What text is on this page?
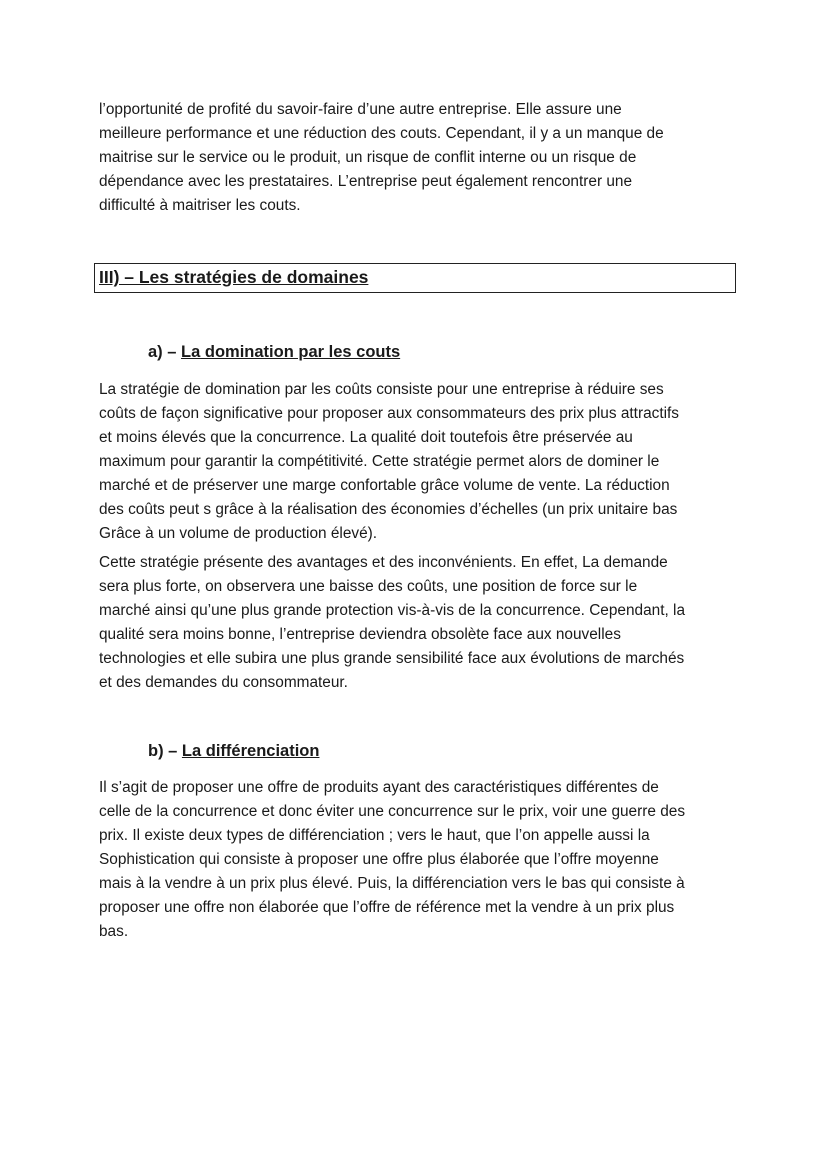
l’opportunité de profité du savoir-faire d’une autre entreprise. Elle assure une
meilleure performance et une réduction des couts. Cependant, il y a un manque de
maitrise sur le service ou le produit, un risque de conflit interne ou un risque de
dépendance avec les prestataires. L’entreprise peut également rencontrer une
difficulté à maitriser les couts.

III) – Les stratégies de domaines
a) – La domination par les couts

La stratégie de domination par les coûts consiste pour une entreprise à réduire ses
coûts de façon significative pour proposer aux consommateurs des prix plus attractifs
et moins élevés que la concurrence. La qualité doit toutefois être préservée au
maximum pour garantir la compétitivité. Cette stratégie permet alors de dominer le
marché et de préserver une marge confortable grâce volume de vente. La réduction
des coûts peut s grâce à la réalisation des économies d’échelles (un prix unitaire bas
Grâce à un volume de production élevé).

Cette stratégie présente des avantages et des inconvénients. En effet, La demande
sera plus forte, on observera une baisse des coûts, une position de force sur le
marché ainsi qu’une plus grande protection vis-à-vis de la concurrence. Cependant, la
qualité sera moins bonne, l’entreprise deviendra obsolète face aux nouvelles
technologies et elle subira une plus grande sensibilité face aux évolutions de marchés
et des demandes du consommateur.

b) – La différenciation

Il s’agit de proposer une offre de produits ayant des caractéristiques différentes de
celle de la concurrence et donc éviter une concurrence sur le prix, voir une guerre des
prix. Il existe deux types de différenciation ; vers le haut, que l’on appelle aussi la
Sophistication qui consiste à proposer une offre plus élaborée que l’offre moyenne
mais à la vendre à un prix plus élevé. Puis, la différenciation vers le bas qui consiste à
proposer une offre non élaborée que l’offre de référence met la vendre à un prix plus
bas.
